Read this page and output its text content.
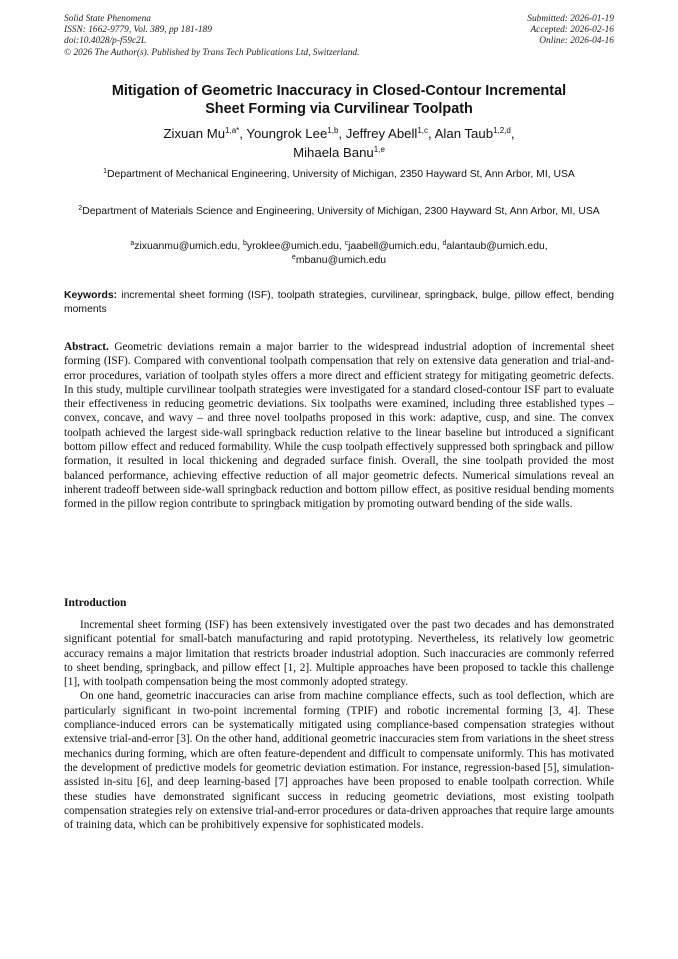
Solid State Phenomena
ISSN: 1662-9779, Vol. 389, pp 181-189
doi:10.4028/p-f59c2L
© 2026 The Author(s). Published by Trans Tech Publications Ltd, Switzerland.
Submitted: 2026-01-19
Accepted: 2026-02-16
Online: 2026-04-16
Mitigation of Geometric Inaccuracy in Closed-Contour Incremental
Sheet Forming via Curvilinear Toolpath
Zixuan $Mu^{1,a*}$, Youngrok Lee$^{1,b}$, Jeffrey Abell$^{1,c}$, Alan Taub$^{1,2,d}$,
Mihaela Banu$^{1,e}$
$^1$Department of Mechanical Engineering, University of Michigan, 2350 Hayward St, Ann Arbor, MI, USA
$^2$Department of Materials Science and Engineering, University of Michigan, 2300 Hayward St, Ann Arbor, MI, USA
$^a$zixuanmu@umich.edu, $^b$yroklee@umich.edu, $^c$jaabell@umich.edu, $^d$alantaub@umich.edu,
$^e$mbanu@umich.edu
Keywords: incremental sheet forming (ISF), toolpath strategies, curvilinear, springback, bulge, pillow effect, bending moments
Abstract. Geometric deviations remain a major barrier to the widespread industrial adoption of incremental sheet forming (ISF). Compared with conventional toolpath compensation that rely on extensive data generation and trial-and-error procedures, variation of toolpath styles offers a more direct and efficient strategy for mitigating geometric defects. In this study, multiple curvilinear toolpath strategies were investigated for a standard closed-contour ISF part to evaluate their effectiveness in reducing geometric deviations. Six toolpaths were examined, including three established types – convex, concave, and wavy – and three novel toolpaths proposed in this work: adaptive, cusp, and sine. The convex toolpath achieved the largest side-wall springback reduction relative to the linear baseline but introduced a significant bottom pillow effect and reduced formability. While the cusp toolpath effectively suppressed both springback and pillow formation, it resulted in local thickening and degraded surface finish. Overall, the sine toolpath provided the most balanced performance, achieving effective reduction of all major geometric defects. Numerical simulations reveal an inherent tradeoff between side-wall springback reduction and bottom pillow effect, as positive residual bending moments formed in the pillow region contribute to springback mitigation by promoting outward bending of the side walls.
Introduction

Incremental sheet forming (ISF) has been extensively investigated over the past two decades and has demonstrated significant potential for small-batch manufacturing and rapid prototyping. Nevertheless, its relatively low geometric accuracy remains a major limitation that restricts broader industrial adoption. Such inaccuracies are commonly referred to sheet bending, springback, and pillow effect [1, 2]. Multiple approaches have been proposed to tackle this challenge [1], with toolpath compensation being the most commonly adopted strategy.

On one hand, geometric inaccuracies can arise from machine compliance effects, such as tool deflection, which are particularly significant in two-point incremental forming (TPIF) and robotic incremental forming [3, 4]. These compliance-induced errors can be systematically mitigated using compliance-based compensation strategies without extensive trial-and-error [3]. On the other hand, additional geometric inaccuracies stem from variations in the sheet stress mechanics during forming, which are often feature-dependent and difficult to compensate uniformly. This has motivated the development of predictive models for geometric deviation estimation. For instance, regression-based [5], simulation-assisted in-situ [6], and deep learning-based [7] approaches have been proposed to enable toolpath correction. While these studies have demonstrated significant success in reducing geometric deviations, most existing toolpath compensation strategies rely on extensive trial-and-error procedures or data-driven approaches that require large amounts of training data, which can be prohibitively expensive for sophisticated models.
